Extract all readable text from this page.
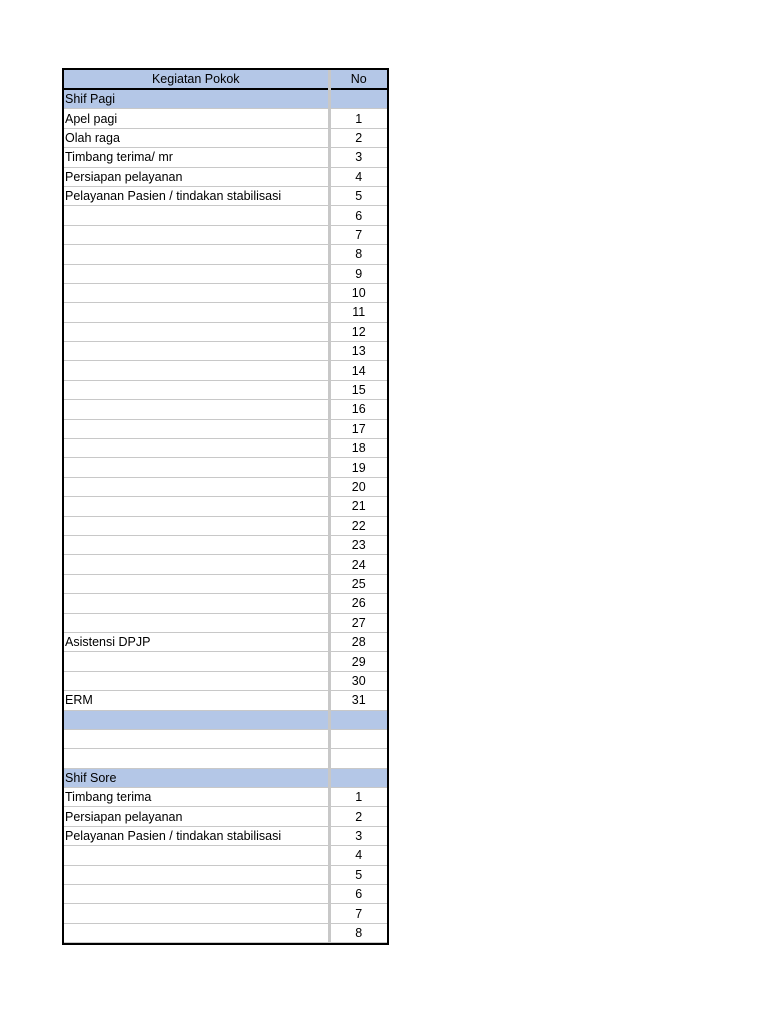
Kegiatan Pokok	No
Shif Pagi	
Apel pagi	1
Olah raga	2
Timbang terima/ mr	3
Persiapan pelayanan	4
Pelayanan Pasien / tindakan stabilisasi	5
	6
	7
	8
	9
	10
	11
	12
	13
	14
	15
	16
	17
	18
	19
	20
	21
	22
	23
	24
	25
	26
	27
Asistensi DPJP	28
	29
	30
ERM	31

Shif Sore	
Timbang terima	1
Persiapan pelayanan	2
Pelayanan Pasien / tindakan stabilisasi	3
	4
	5
	6
	7
	8
